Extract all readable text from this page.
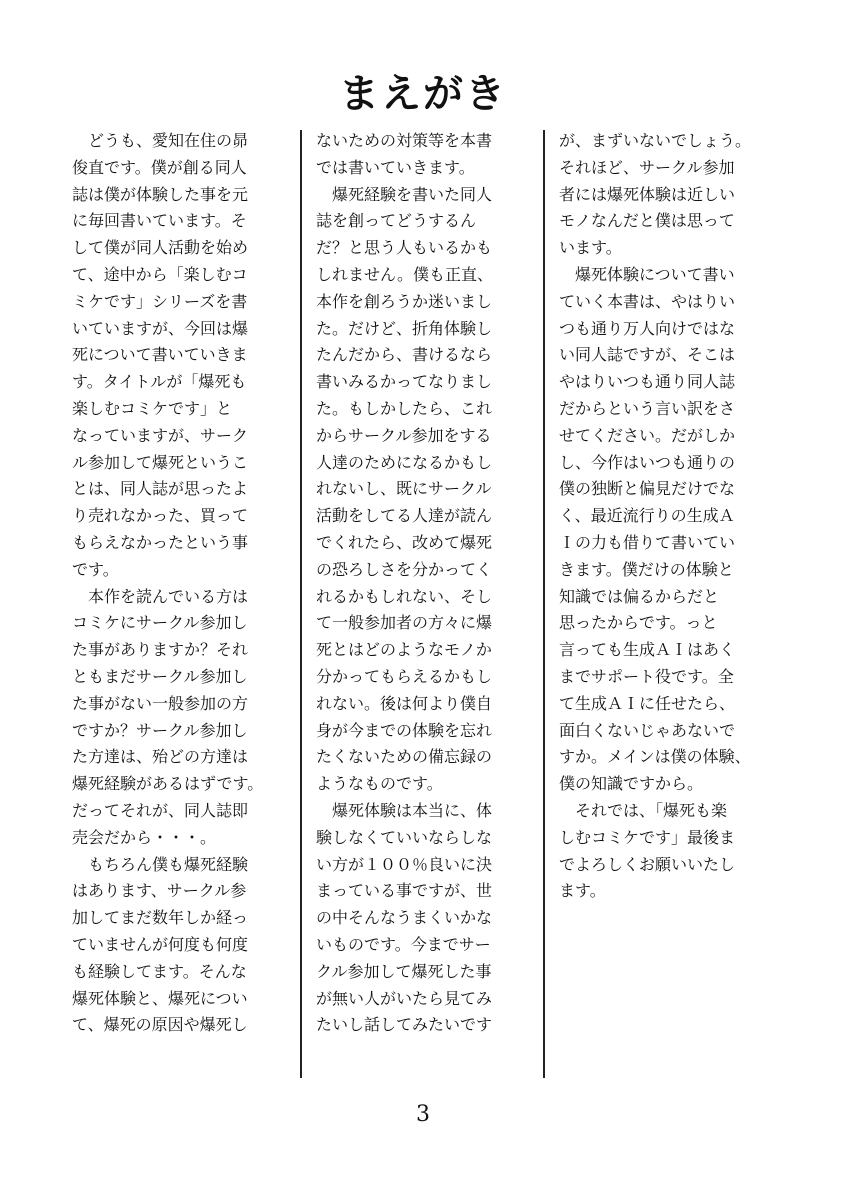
まえがき
　どうも、愛知在住の昴
俊直です。僕が創る同人
誌は僕が体験した事を元
に毎回書いています。そ
して僕が同人活動を始め
て、途中から「楽しむコ
ミケです」シリーズを書
いていますが、今回は爆
死について書いていきま
す。タイトルが「爆死も
楽しむコミケです」と
なっていますが、サーク
ル参加して爆死というこ
とは、同人誌が思ったよ
り売れなかった、買って
もらえなかったという事
です。
　本作を読んでいる方は
コミケにサークル参加し
た事がありますか？それ
ともまだサークル参加し
た事がない一般参加の方
ですか？サークル参加し
た方達は、殆どの方達は
爆死経験があるはずです。
だってそれが、同人誌即
売会だから・・・。
　もちろん僕も爆死経験
はあります、サークル参
加してまだ数年しか経っ
ていませんが何度も何度
も経験してます。そんな
爆死体験と、爆死につい
て、爆死の原因や爆死し
ないための対策等を本書
では書いていきます。
　爆死経験を書いた同人
誌を創ってどうするん
だ？と思う人もいるかも
しれません。僕も正直、
本作を創ろうか迷いまし
た。だけど、折角体験し
たんだから、書けるなら
書いみるかってなりまし
た。もしかしたら、これ
からサークル参加をする
人達のためになるかもし
れないし、既にサークル
活動をしてる人達が読ん
でくれたら、改めて爆死
の恐ろしさを分かってく
れるかもしれない、そし
て一般参加者の方々に爆
死とはどのようなモノか
分かってもらえるかもし
れない。後は何より僕自
身が今までの体験を忘れ
たくないための備忘録の
ようなものです。
　爆死体験は本当に、体
験しなくていいならしな
い方が１００％良いに決
まっている事ですが、世
の中そんなうまくいかな
いものです。今までサー
クル参加して爆死した事
が無い人がいたら見てみ
たいし話してみたいです
が、まずいないでしょう。
それほど、サークル参加
者には爆死体験は近しい
モノなんだと僕は思って
います。
　爆死体験について書い
ていく本書は、やはりい
つも通り万人向けではな
い同人誌ですが、そこは
やはりいつも通り同人誌
だからという言い訳をさ
せてください。だがしか
し、今作はいつも通りの
僕の独断と偏見だけでな
く、最近流行りの生成Ａ
Ｉの力も借りて書いてい
きます。僕だけの体験と
知識では偏るからだと
思ったからです。っと
言っても生成ＡＩはあく
までサポート役です。全
て生成ＡＩに任せたら、
面白くないじゃあないで
すか。メインは僕の体験、
僕の知識ですから。
　それでは、「爆死も楽
しむコミケです」最後ま
でよろしくお願いいたし
ます。
3
